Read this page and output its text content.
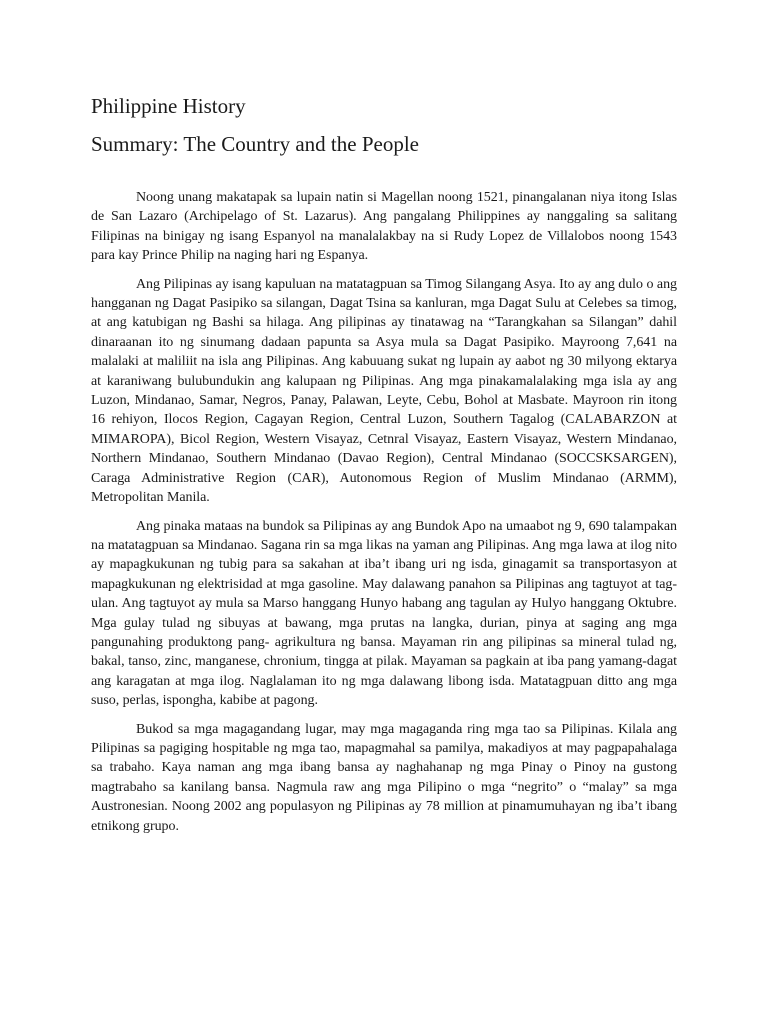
Philippine History
Summary: The Country and the People

Noong unang makatapak sa lupain natin si Magellan noong 1521, pinangalanan niya itong Islas de San Lazaro (Archipelago of St. Lazarus). Ang pangalang Philippines ay nanggaling sa salitang Filipinas na binigay ng isang Espanyol na manalalakbay na si Rudy Lopez de Villalobos noong 1543 para kay Prince Philip na naging hari ng Espanya.

Ang Pilipinas ay isang kapuluan na matatagpuan sa Timog Silangang Asya. Ito ay ang dulo o ang hangganan ng Dagat Pasipiko sa silangan, Dagat Tsina sa kanluran, mga Dagat Sulu at Celebes sa timog, at ang katubigan ng Bashi sa hilaga. Ang pilipinas ay tinatawag na “Tarangkahan sa Silangan” dahil dinaraanan ito ng sinumang dadaan papunta sa Asya mula sa Dagat Pasipiko. Mayroong 7,641 na malalaki at maliliit na isla ang Pilipinas. Ang kabuuang sukat ng lupain ay aabot ng 30 milyong ektarya at karaniwang bulubundukin ang kalupaan ng Pilipinas. Ang mga pinakamalalaking mga isla ay ang Luzon, Mindanao, Samar, Negros, Panay, Palawan, Leyte, Cebu, Bohol at Masbate. Mayroon rin itong 16 rehiyon, Ilocos Region, Cagayan Region, Central Luzon, Southern Tagalog (CALABARZON at MIMAROPA), Bicol Region, Western Visayaz, Cetnral Visayaz, Eastern Visayaz, Western Mindanao, Northern Mindanao, Southern Mindanao (Davao Region), Central Mindanao (SOCCSKSARGEN), Caraga Administrative Region (CAR), Autonomous Region of Muslim Mindanao (ARMM), Metropolitan Manila.

Ang pinaka mataas na bundok sa Pilipinas ay ang Bundok Apo na umaabot ng 9, 690 talampakan na matatagpuan sa Mindanao. Sagana rin sa mga likas na yaman ang Pilipinas. Ang mga lawa at ilog nito ay mapagkukunan ng tubig para sa sakahan at iba’t ibang uri ng isda, ginagamit sa transportasyon at mapagkukunan ng elektrisidad at mga gasoline. May dalawang panahon sa Pilipinas ang tagtuyot at tag-ulan. Ang tagtuyot ay mula sa Marso hanggang Hunyo habang ang tagulan ay Hulyo hanggang Oktubre. Mga gulay tulad ng sibuyas at bawang, mga prutas na langka, durian, pinya at saging ang mga pangunahing produktong pang- agrikultura ng bansa. Mayaman rin ang pilipinas sa mineral tulad ng, bakal, tanso, zinc, manganese, chronium, tingga at pilak. Mayaman sa pagkain at iba pang yamang-dagat ang karagatan at mga ilog. Naglalaman ito ng mga dalawang libong isda. Matatagpuan ditto ang mga suso, perlas, ispongha, kabibe at pagong.

Bukod sa mga magagandang lugar, may mga magaganda ring mga tao sa Pilipinas. Kilala ang Pilipinas sa pagiging hospitable ng mga tao, mapagmahal sa pamilya, makadiyos at may pagpapahalaga sa trabaho. Kaya naman ang mga ibang bansa ay naghahanap ng mga Pinay o Pinoy na gustong magtrabaho sa kanilang bansa. Nagmula raw ang mga Pilipino o mga “negrito” o “malay” sa mga Austronesian. Noong 2002 ang populasyon ng Pilipinas ay 78 million at pinamumuhayan ng iba’t ibang etnikong grupo.
